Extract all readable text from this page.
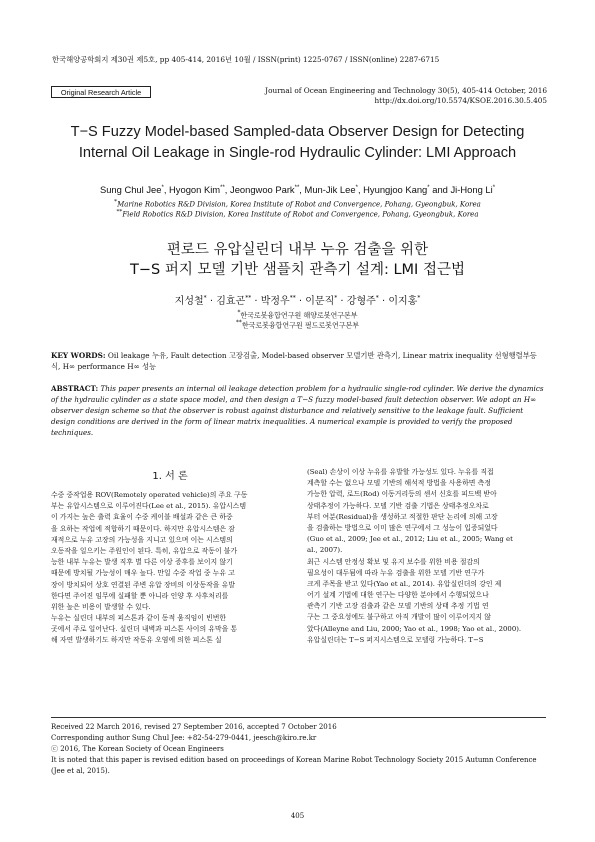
한국해양공학회지 제30권 제5호, pp 405-414, 2016년 10월 / ISSN(print) 1225-0767 / ISSN(online) 2287-6715
Original Research Article	Journal of Ocean Engineering and Technology 30(5), 405-414 October, 2016
http://dx.doi.org/10.5574/KSOE.2016.30.5.405
T−S Fuzzy Model-based Sampled-data Observer Design for Detecting
Internal Oil Leakage in Single-rod Hydraulic Cylinder: LMI Approach
Sung Chul Jee*, Hyogon Kim**, Jeongwoo Park**, Mun-Jik Lee*, Hyungjoo Kang* and Ji-Hong Li*
*Marine Robotics R&D Division, Korea Institute of Robot and Convergence, Pohang, Gyeongbuk, Korea
**Field Robotics R&D Division, Korea Institute of Robot and Convergence, Pohang, Gyeongbuk, Korea
편로드 유압실린더 내부 누유 검출을 위한
T−S 퍼지 모델 기반 샘플치 관측기 설계: LMI 접근법
지성철* · 김효곤** · 박정우** · 이문직* · 강형주* · 이지홍*
*한국로봇융합연구원 해양로봇연구본부
**한국로봇융합연구원 필드로봇연구본부
KEY WORDS: Oil leakage 누유, Fault detection 고장검출, Model-based observer 모델기반 관측기, Linear matrix inequality 선형행렬부등식, H∞ performance H∞ 성능
ABSTRACT: This paper presents an internal oil leakage detection problem for a hydraulic single-rod cylinder. We derive the dynamics of the hydraulic cylinder as a state space model, and then design a T−S fuzzy model-based fault detection observer. We adopt an H∞ observer design scheme so that the observer is robust against disturbance and relatively sensitive to the leakage fault. Sufficient design conditions are derived in the form of linear matrix inequalities. A numerical example is provided to verify the proposed techniques.
1. 서 론
수중 중작업용 ROV(Remotely operated vehicle)의 주요 구동
부는 유압시스템으로 이루어진다(Lee et al., 2015). 유압시스템
이 가지는 높은 출력 효율이 수중 케이블 배설과 같은 큰 하중
을 요하는 작업에 적합하기 때문이다. 하지만 유압시스템은 잠
재적으로 누유 고장의 가능성을 지니고 있으며 이는 시스템의
오동작을 일으키는 주원인이 된다. 특히, 유압으로 작동이 불가
능한 내부 누유는 발생 직후 별 다른 이상 증후를 보이지 않기
때문에 방치될 가능성이 매우 높다. 만일 수중 작업 중 누유 고
장이 방치되어 상호 연결된 주변 유압 장비의 이상동작을 유발
한다면 주어진 임무에 실패할 뿐 아니라 인양 후 사후처리를
위한 높은 비용이 발생할 수 있다.
누유는 실린더 내부의 피스톤과 같이 동적 움직임이 빈번한
곳에서 주로 일어난다. 실린더 내벽과 피스톤 사이의 유막을 통
해 자연 발생하기도 하지만 작동유 오염에 의한 피스톤 실
(Seal) 손상이 이상 누유를 유발할 가능성도 있다. 누유를 직접
계측할 수는 없으나 모델 기반의 해석적 방법을 사용하면 측정
가능한 압력, 로드(Rod) 이동거리등의 센서 신호를 피드백 받아
상태추정이 가능하다. 모델 기반 검출 기법은 상태추정오차로
부터 여분(Residual)을 생성하고 적절한 판단 논리에 의해 고장
을 검출하는 방법으로 이미 많은 연구에서 그 성능이 입증되었다
(Guo et al., 2009; Jee et al., 2012; Liu et al., 2005; Wang et
al., 2007).
최근 시스템 안정성 확보 및 유지 보수를 위한 비용 절감의
필요성이 대두됨에 따라 누유 검출을 위한 모델 기반 연구가
크게 주목을 받고 있다(Yao et al., 2014). 유압실린더의 강인 제
어기 설계 기법에 대한 연구는 다양한 분야에서 수행되었으나
관측기 기반 고장 검출과 같은 모델 기반의 상태 추정 기법 연
구는 그 중요성에도 불구하고 아직 개발이 많이 이루어지지 않
았다(Alleyne and Liu, 2000; Yao et al., 1998; Yao et al., 2000).
유압실린더는 T−S 퍼지시스템으로 모델링 가능하다. T−S
Received 22 March 2016, revised 27 September 2016, accepted 7 October 2016
Corresponding author Sung Chul Jee: +82-54-279-0441, jeesch@kiro.re.kr
ⓒ 2016, The Korean Society of Ocean Engineers
It is noted that this paper is revised edition based on proceedings of Korean Marine Robot Technology Society 2015 Autumn Conference (Jee et al, 2015).
405
